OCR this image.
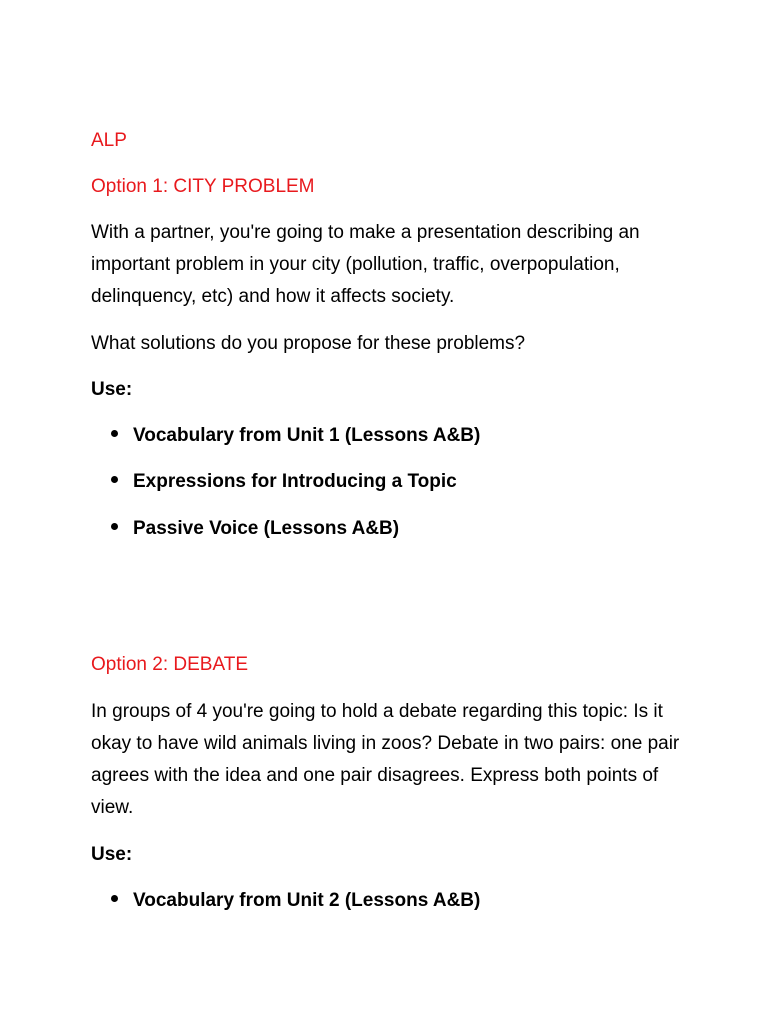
ALP

Option 1: CITY PROBLEM

With a partner, you're going to make a presentation describing an important problem in your city (pollution, traffic, overpopulation, delinquency, etc) and how it affects society.

What solutions do you propose for these problems?

Use:

Vocabulary from Unit 1 (Lessons A&B)

Expressions for Introducing a Topic

Passive Voice (Lessons A&B)

Option 2: DEBATE

In groups of 4 you're going to hold a debate regarding this topic: Is it okay to have wild animals living in zoos? Debate in two pairs: one pair agrees with the idea and one pair disagrees. Express both points of view.

Use:

Vocabulary from Unit 2 (Lessons A&B)
